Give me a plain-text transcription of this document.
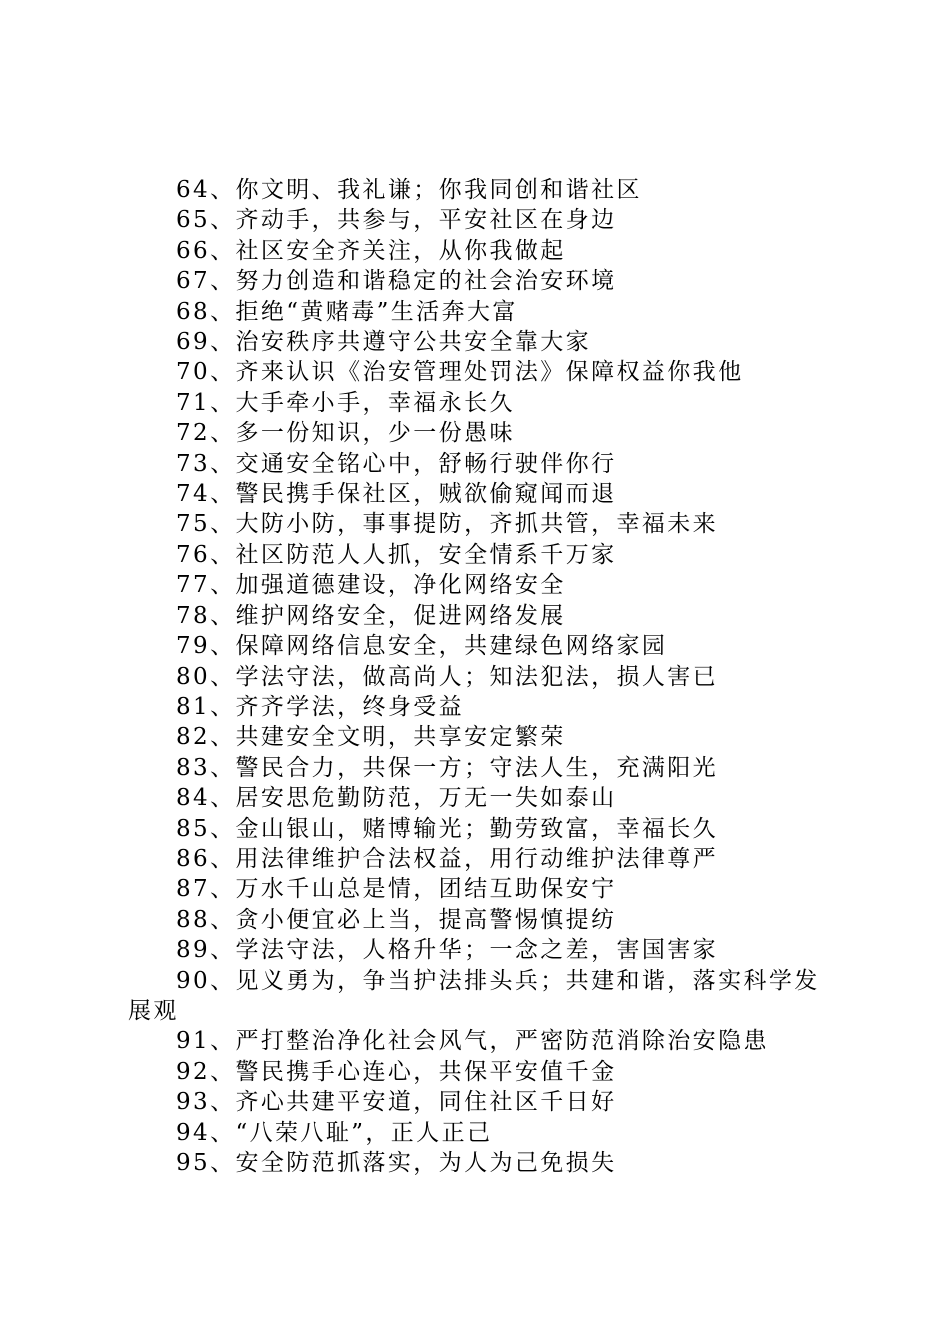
64、你文明、我礼谦；你我同创和谐社区

65、齐动手，共参与，平安社区在身边

66、社区安全齐关注，从你我做起

67、努力创造和谐稳定的社会治安环境

68、拒绝“黄赌毒”生活奔大富

69、治安秩序共遵守公共安全靠大家

70、齐来认识《治安管理处罚法》保障权益你我他

71、大手牵小手，幸福永长久

72、多一份知识，少一份愚味

73、交通安全铭心中，舒畅行驶伴你行

74、警民携手保社区，贼欲偷窥闻而退

75、大防小防，事事提防，齐抓共管，幸福未来

76、社区防范人人抓，安全情系千万家

77、加强道德建设，净化网络安全

78、维护网络安全，促进网络发展

79、保障网络信息安全，共建绿色网络家园

80、学法守法，做高尚人；知法犯法，损人害已

81、齐齐学法，终身受益

82、共建安全文明，共享安定繁荣

83、警民合力，共保一方；守法人生，充满阳光

84、居安思危勤防范，万无一失如泰山

85、金山银山，赌博输光；勤劳致富，幸福长久

86、用法律维护合法权益，用行动维护法律尊严

87、万水千山总是情，团结互助保安宁

88、贪小便宜必上当，提高警惕慎提纺

89、学法守法，人格升华；一念之差，害国害家

90、见义勇为，争当护法排头兵；共建和谐，落实科学发展观

91、严打整治净化社会风气，严密防范消除治安隐患

92、警民携手心连心，共保平安值千金

93、齐心共建平安道，同住社区千日好

94、“八荣八耻”，正人正己

95、安全防范抓落实，为人为己免损失
